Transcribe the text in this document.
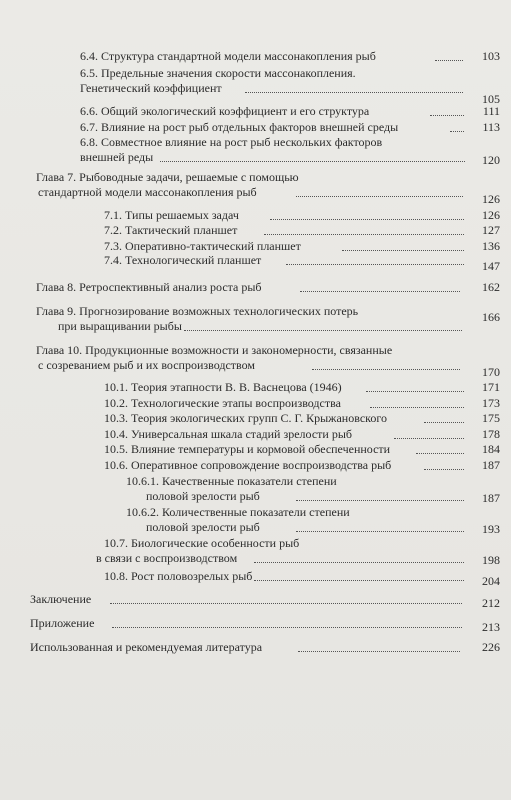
6.4. Структура стандартной модели массонакопления рыб	103
6.5. Предельные значения скорости массонакопления.
Генетический коэффициент
105
6.6. Общий экологический коэффициент и его структура	111
6.7. Влияние на рост рыб отдельных факторов внешней среды	113
6.8. Совместное влияние на рост рыб нескольких факторов
внешней реды	120
Глава 7. Рыбоводные задачи, решаемые с помощью
стандартной модели массонакопления рыб	126
7.1. Типы решаемых задач	126
7.2. Тактический планшет	127
7.3. Оперативно-тактический планшет	136
7.4. Технологический планшет	147
Глава 8. Ретроспективный анализ роста рыб	162
Глава 9. Прогнозирование возможных технологических потерь
при выращивании рыбы
166
Глава 10. Продукционные возможности и закономерности, связанные
с созреванием рыб и их воспроизводством	170
10.1. Теория этапности В. В. Васнецова (1946)	171
10.2. Технологические этапы воспроизводства	173
10.3. Теория экологических групп С. Г. Крыжановского	175
10.4. Универсальная шкала стадий зрелости рыб	178
10.5. Влияние температуры и кормовой обеспеченности	184
10.6. Оперативное сопровождение воспроизводства рыб	187
10.6.1. Качественные показатели степени
половой зрелости рыб	187
10.6.2. Количественные показатели степени
половой зрелости рыб	193
10.7. Биологические особенности рыб
в связи с воспроизводством	198
10.8. Рост половозрелых рыб	204
Заключение	212
Приложение	213
Использованная и рекомендуемая литература	226
